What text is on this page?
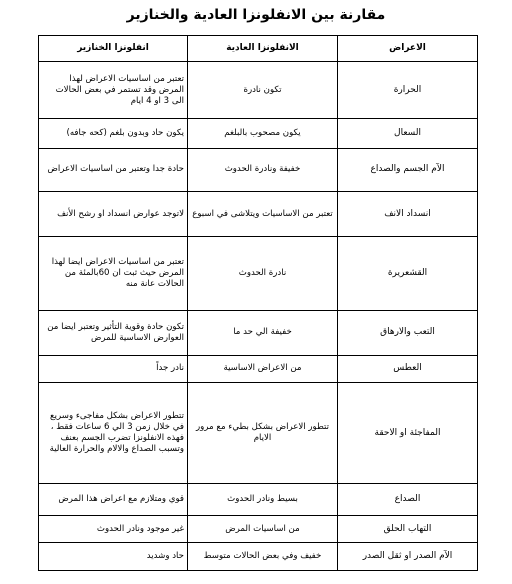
مقارنة بين الانفلونزا العادية والخنازير
الاعراض	الانفلونزا العادية	انفلونزا الخنازير
الحرارة	تكون نادرة	تعتبر من اساسيات الاعراض لهذا المرض وقد تستمر في بعض الحالات الى 3 او 4 ايام
السعال	يكون مصحوب بالبلغم	يكون حاد وبدون بلغم (كحه جافه)
الآم الجسم والصداع	خفيفة ونادرة الحدوث	حادة جدا وتعتبر من اساسيات الاعراض
انسداد الانف	تعتبر من الاساسيات ويتلاشى في اسبوع	لاتوجد عوارض انسداد او رشح الأنف
القشعريرة	نادرة الحدوث	تعتبر من اساسيات الاعراض ايضا لهذا المرض حيث ثبت ان 60بالمئة من الحالات عانة منه
التعب والارهاق	خفيفة الي حد ما	تكون حادة وقوية التأثير وتعتبر ايضا من العوارض الاساسية للمرض
العطس	من الاعراض الاساسية	نادر جداً
المفاجئة او الاحقة	تتطور الاعراض بشكل بطيء مع مرور الايام	تتطور الاعراض بشكل مفاجىء وسريع في خلال زمن 3 الي 6 ساعات فقط ، فهذه الانفلونزا تضرب الجسم بعنف وتسبب الصداع والالام والحرارة العالية
الصداع	بسيط ونادر الحدوث	قوي ومتلازم مع اعراض هذا المرض
التهاب الحلق	من اساسيات المرض	غير موجود ونادر الحدوث
الآم الصدر او ثقل الصدر	خفيف وفي بعض الحالات متوسط	حاد وشديد
